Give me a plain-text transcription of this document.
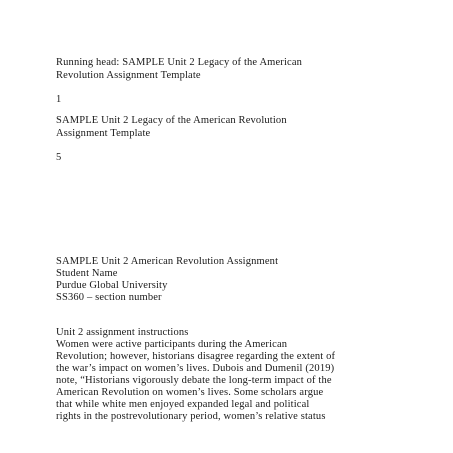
Running head: SAMPLE Unit 2 Legacy of the American
Revolution Assignment Template
1
SAMPLE Unit 2 Legacy of the American Revolution
Assignment Template
5
SAMPLE Unit 2 American Revolution Assignment
Student Name
Purdue Global University
SS360 – section number
Unit 2 assignment instructions
Women were active participants during the American
Revolution; however, historians disagree regarding the extent of
the war’s impact on women’s lives. Dubois and Dumenil (2019)
note, “Historians vigorously debate the long-term impact of the
American Revolution on women’s lives. Some scholars argue
that while white men enjoyed expanded legal and political
rights in the postrevolutionary period, women’s relative status
